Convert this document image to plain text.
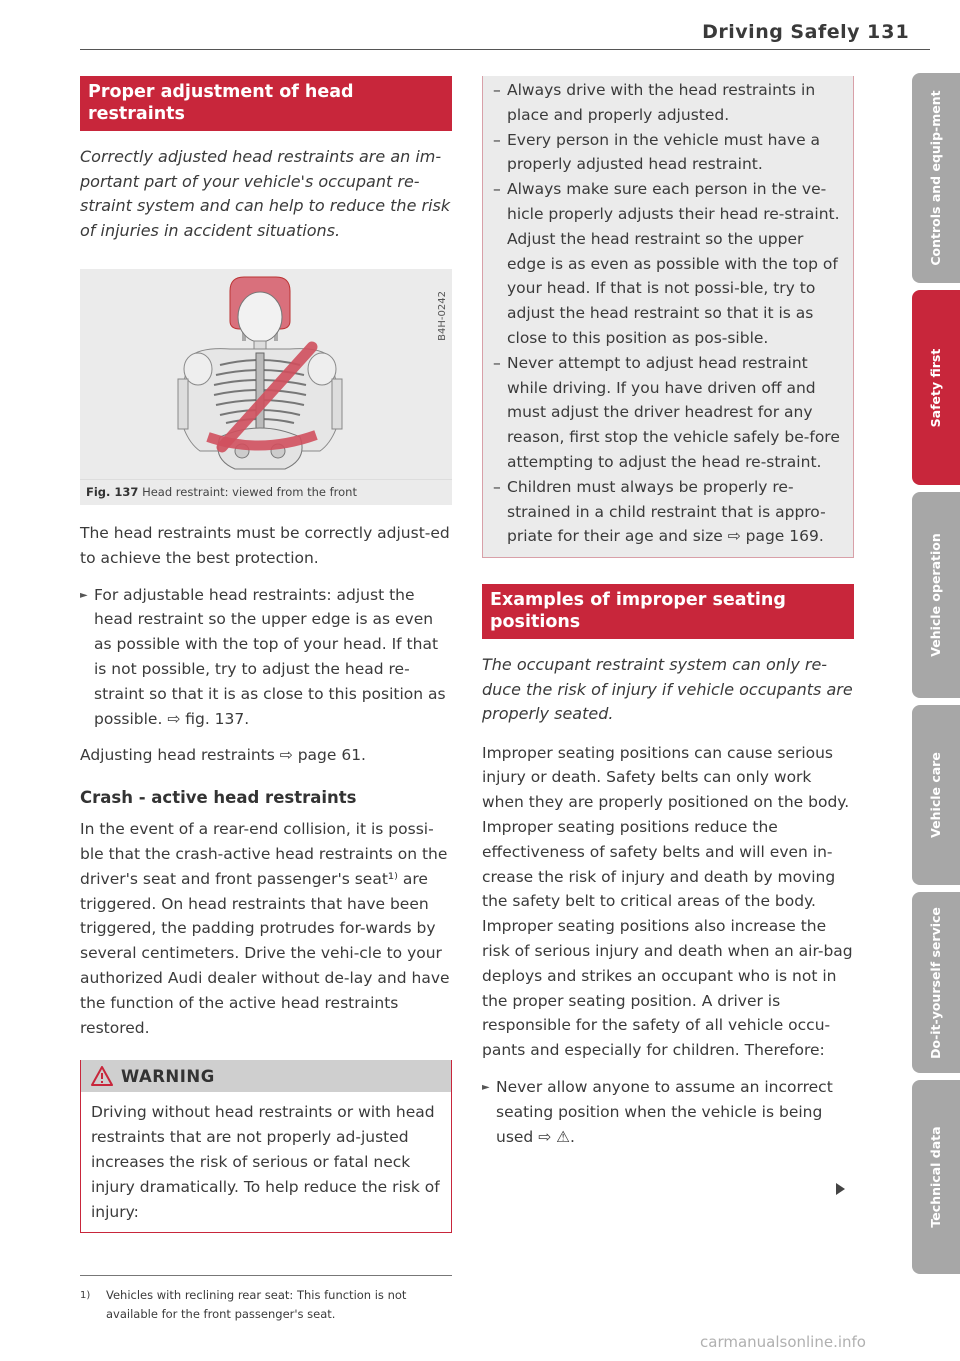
Driving Safely 131
Proper adjustment of head restraints

Correctly adjusted head restraints are an im-portant part of your vehicle's occupant re-straint system and can help to reduce the risk of injuries in accident situations.

B4H-0242
Fig. 137 Head restraint: viewed from the front

The head restraints must be correctly adjust-ed to achieve the best protection.

► For adjustable head restraints: adjust the head restraint so the upper edge is as even as possible with the top of your head. If that is not possible, try to adjust the head re-straint so that it is as close to this position as possible. ⇨ fig. 137.

Adjusting head restraints ⇨ page 61.

Crash - active head restraints

In the event of a rear-end collision, it is possi-ble that the crash-active head restraints on the driver's seat and front passenger's seat¹⁾ are triggered. On head restraints that have been triggered, the padding protrudes for-wards by several centimeters. Drive the vehi-cle to your authorized Audi dealer without de-lay and have the function of the active head restraints restored.

WARNING
Driving without head restraints or with head restraints that are not properly ad-justed increases the risk of serious or fatal neck injury dramatically. To help reduce the risk of injury:
1)	Vehicles with reclining rear seat: This function is not available for the front passenger's seat.
– Always drive with the head restraints in place and properly adjusted.
– Every person in the vehicle must have a properly adjusted head restraint.
– Always make sure each person in the ve-hicle properly adjusts their head re-straint. Adjust the head restraint so the upper edge is as even as possible with the top of your head. If that is not possi-ble, try to adjust the head restraint so that it is as close to this position as pos-sible.
– Never attempt to adjust head restraint while driving. If you have driven off and must adjust the driver headrest for any reason, first stop the vehicle safely be-fore attempting to adjust the head re-straint.
– Children must always be properly re-strained in a child restraint that is appro-priate for their age and size ⇨ page 169.
Examples of improper seating positions

The occupant restraint system can only re-duce the risk of injury if vehicle occupants are properly seated.

Improper seating positions can cause serious injury or death. Safety belts can only work when they are properly positioned on the body. Improper seating positions reduce the effectiveness of safety belts and will even in-crease the risk of injury and death by moving the safety belt to critical areas of the body. Improper seating positions also increase the risk of serious injury and death when an air-bag deploys and strikes an occupant who is not in the proper seating position. A driver is responsible for the safety of all vehicle occu-pants and especially for children. Therefore:

► Never allow anyone to assume an incorrect seating position when the vehicle is being used ⇨ ⚠.
Controls and equip-ment
Safety first
Vehicle operation
Vehicle care
Do-it-yourself service
Technical data
carmanualsonline.info
